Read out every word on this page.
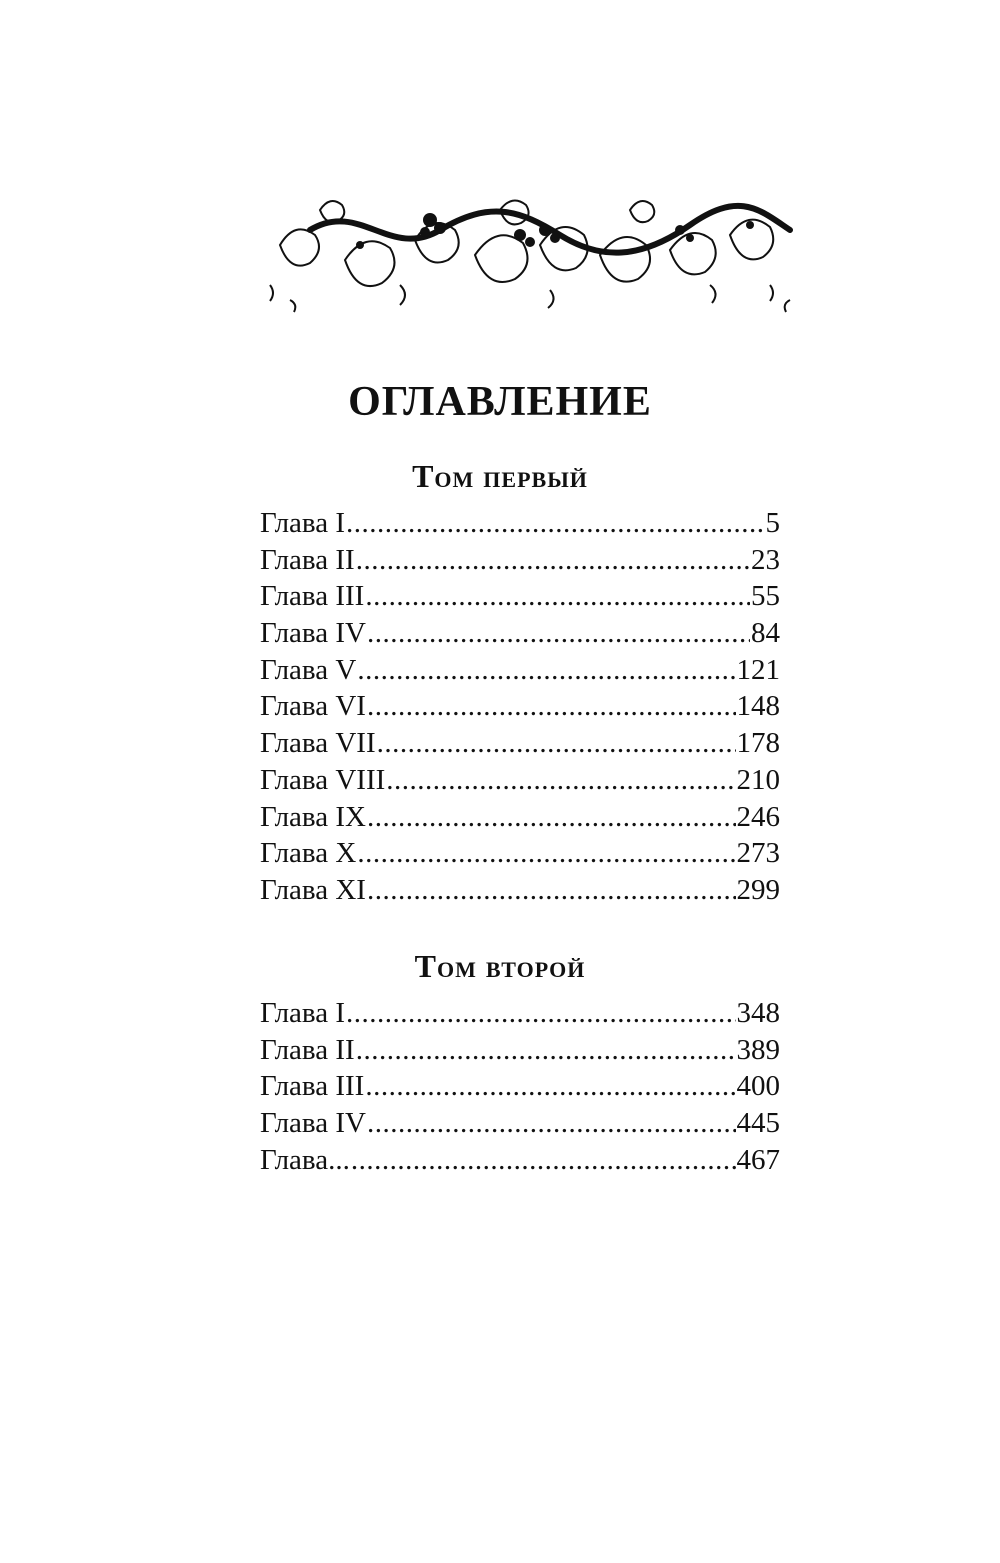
ОГЛАВЛЕНИЕ
Том первый
Глава I .....	5
Глава II .....	23
Глава III .....	55
Глава IV .....	84
Глава V .....	121
Глава VI .....	148
Глава VII .....	178
Глава VIII .....	210
Глава IX .....	246
Глава X .....	273
Глава XI .....	299
Том второй
Глава I .....	348
Глава II .....	389
Глава III .....	400
Глава IV .....	445
Глава... .....	467
